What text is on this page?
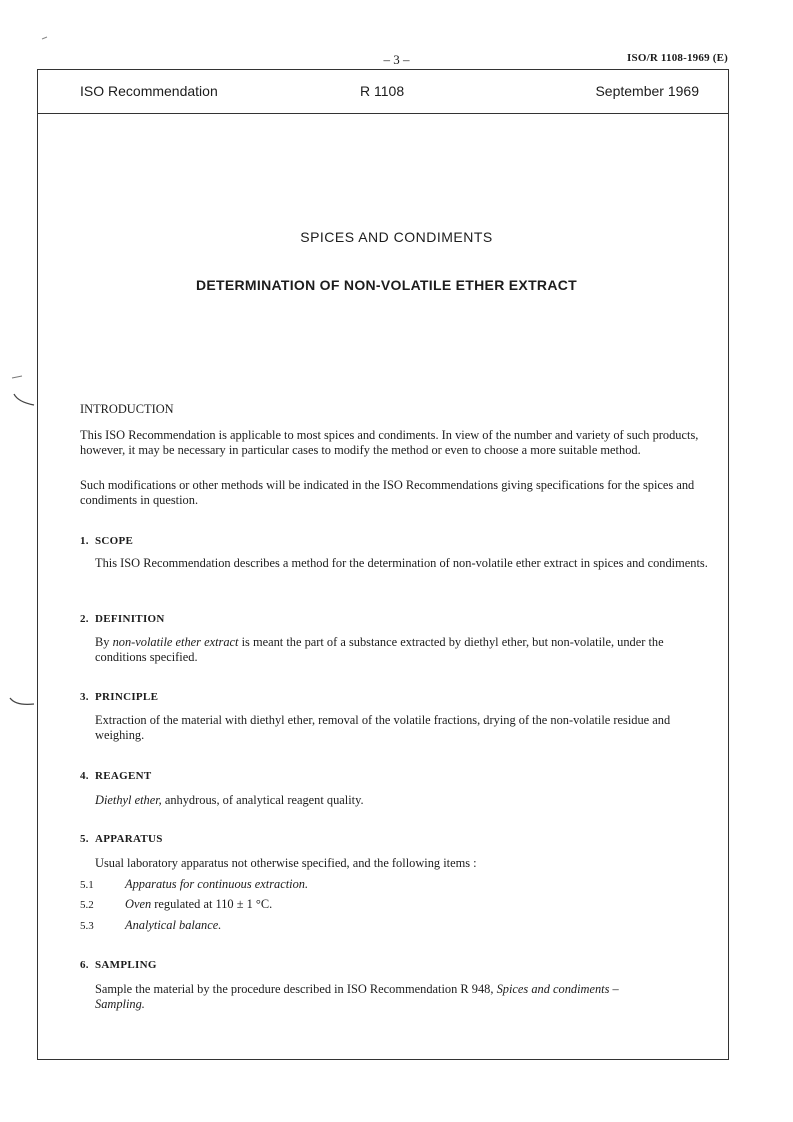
– 3 –	ISO/R 1108-1969 (E)
ISO Recommendation	R 1108	September 1969
SPICES AND CONDIMENTS
DETERMINATION OF NON-VOLATILE ETHER EXTRACT
INTRODUCTION
This ISO Recommendation is applicable to most spices and condiments. In view of the number and variety of such products, however, it may be necessary in particular cases to modify the method or even to choose a more suitable method.
Such modifications or other methods will be indicated in the ISO Recommendations giving specifications for the spices and condiments in question.
1. SCOPE
This ISO Recommendation describes a method for the determination of non-volatile ether extract in spices and condiments.
2. DEFINITION
By non-volatile ether extract is meant the part of a substance extracted by diethyl ether, but non-volatile, under the conditions specified.
3. PRINCIPLE
Extraction of the material with diethyl ether, removal of the volatile fractions, drying of the non-volatile residue and weighing.
4. REAGENT
Diethyl ether, anhydrous, of analytical reagent quality.
5. APPARATUS
Usual laboratory apparatus not otherwise specified, and the following items :
5.1	Apparatus for continuous extraction.
5.2	Oven regulated at 110 ± 1 °C.
5.3	Analytical balance.
6. SAMPLING
Sample the material by the procedure described in ISO Recommendation R 948, Spices and condiments – Sampling.
